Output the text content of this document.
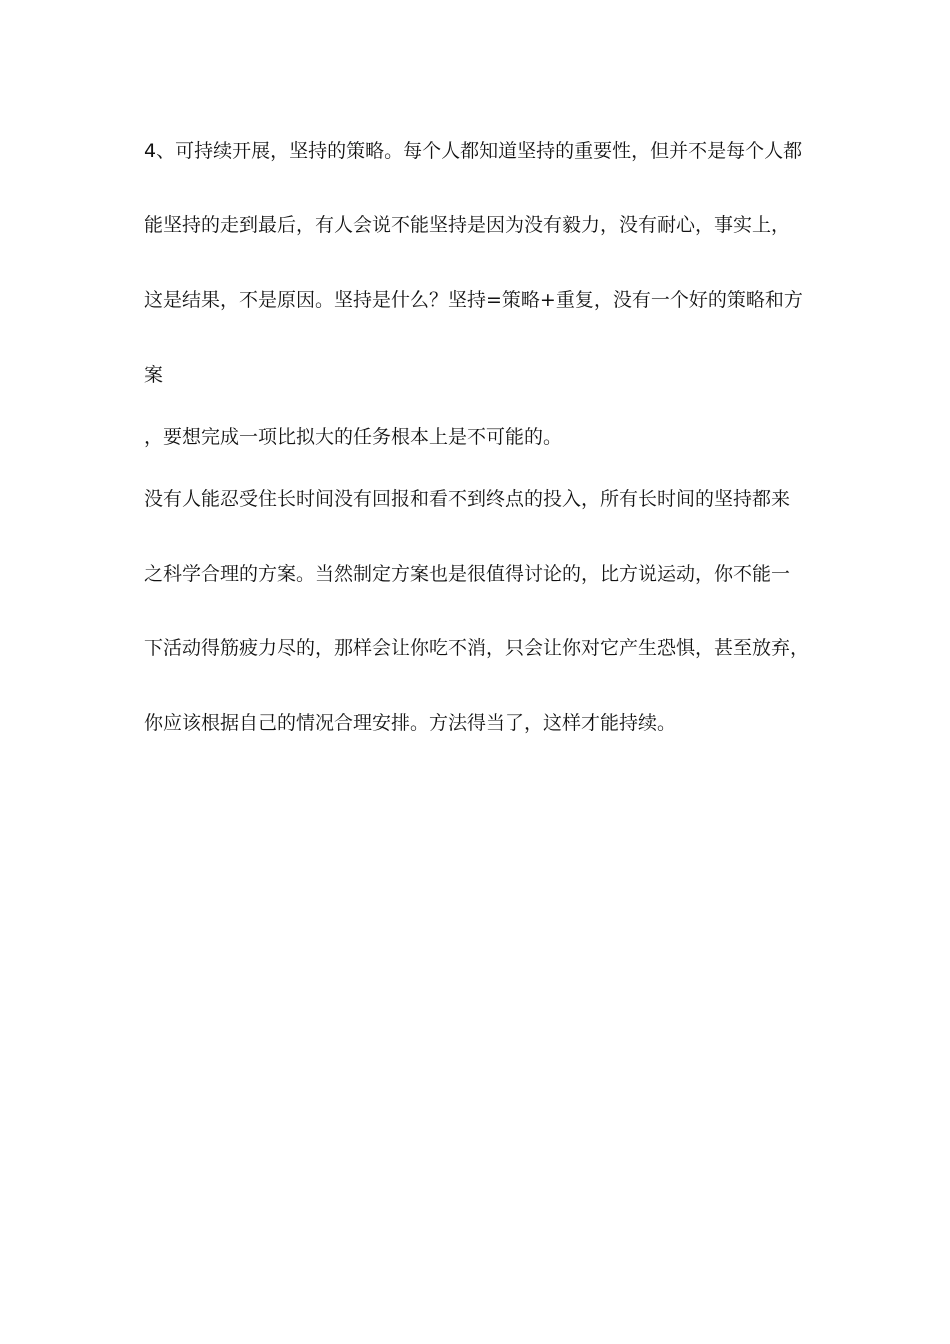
4、可持续开展，坚持的策略。每个人都知道坚持的重要性，但并不是每个人都
能坚持的走到最后，有人会说不能坚持是因为没有毅力，没有耐心，事实上，
这是结果，不是原因。坚持是什么？坚持=策略+重复，没有一个好的策略和方
案
，要想完成一项比拟大的任务根本上是不可能的。
没有人能忍受住长时间没有回报和看不到终点的投入，所有长时间的坚持都来
之科学合理的方案。当然制定方案也是很值得讨论的，比方说运动，你不能一
下活动得筋疲力尽的，那样会让你吃不消，只会让你对它产生恐惧，甚至放弃，
你应该根据自己的情况合理安排。方法得当了，这样才能持续。
